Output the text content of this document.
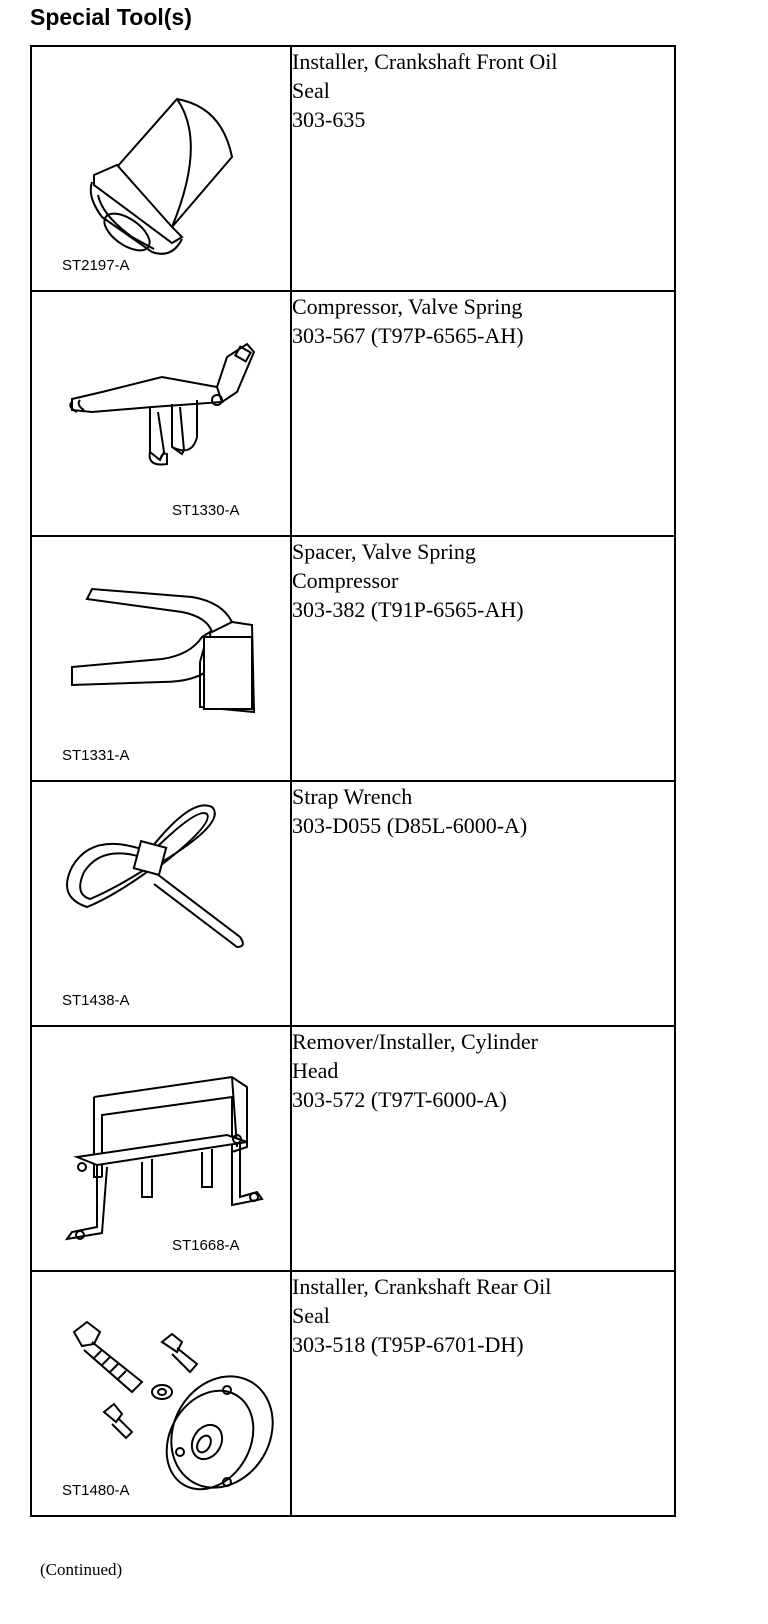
Special Tool(s)
ST2197-A	Installer, Crankshaft Front Oil
Seal
303-635

ST1330-A	Compressor, Valve Spring
303-567 (T97P-6565-AH)

ST1331-A	Spacer, Valve Spring
Compressor
303-382 (T91P-6565-AH)

ST1438-A	Strap Wrench
303-D055 (D85L-6000-A)

ST1668-A	Remover/Installer, Cylinder
Head
303-572 (T97T-6000-A)

ST1480-A	Installer, Crankshaft Rear Oil
Seal
303-518 (T95P-6701-DH)
(Continued)
